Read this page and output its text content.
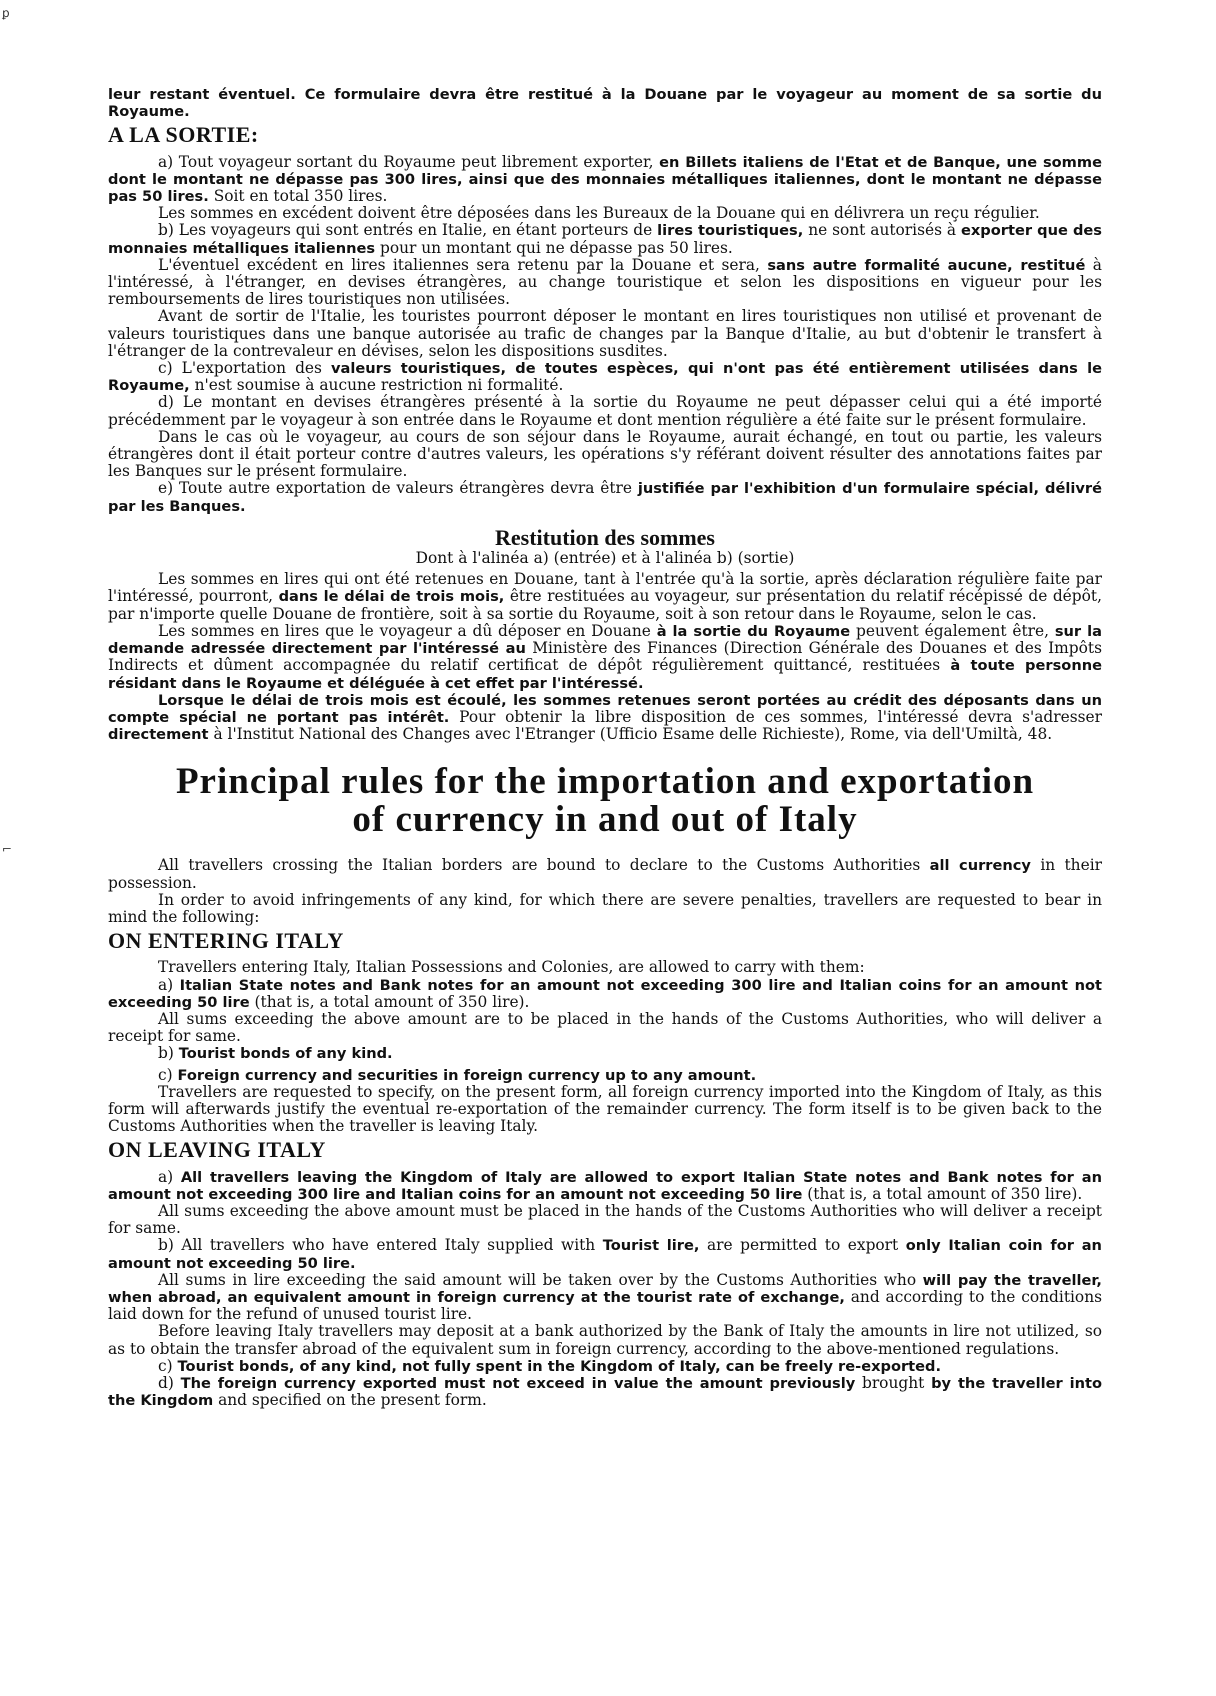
ꝑ
⌐

leur restant éventuel. Ce formulaire devra être restitué à la Douane par le voyageur au moment de sa sortie du Royaume.

A LA SORTIE:

a) Tout voyageur sortant du Royaume peut librement exporter, en Billets italiens de l'Etat et de Banque, une somme dont le montant ne dépasse pas 300 lires, ainsi que des monnaies métalliques italiennes, dont le montant ne dépasse pas 50 lires. Soit en total 350 lires.

Les sommes en excédent doivent être déposées dans les Bureaux de la Douane qui en délivrera un reçu régulier.

b) Les voyageurs qui sont entrés en Italie, en étant porteurs de lires touristiques, ne sont autorisés à exporter que des monnaies métalliques italiennes pour un montant qui ne dépasse pas 50 lires.

L'éventuel excédent en lires italiennes sera retenu par la Douane et sera, sans autre formalité aucune, restitué à l'intéressé, à l'étranger, en devises étrangères, au change touristique et selon les dispositions en vigueur pour les remboursements de lires touristiques non utilisées.

Avant de sortir de l'Italie, les touristes pourront déposer le montant en lires touristiques non utilisé et provenant de valeurs touristiques dans une banque autorisée au trafic de changes par la Banque d'Italie, au but d'obtenir le transfert à l'étranger de la contrevaleur en dévises, selon les dispositions susdites.

c) L'exportation des valeurs touristiques, de toutes espèces, qui n'ont pas été entièrement utilisées dans le Royaume, n'est soumise à aucune restriction ni formalité.

d) Le montant en devises étrangères présenté à la sortie du Royaume ne peut dépasser celui qui a été importé précédemment par le voyageur à son entrée dans le Royaume et dont mention régulière a été faite sur le présent formulaire.

Dans le cas où le voyageur, au cours de son séjour dans le Royaume, aurait échangé, en tout ou partie, les valeurs étrangères dont il était porteur contre d'autres valeurs, les opérations s'y référant doivent résulter des annotations faites par les Banques sur le présent formulaire.

e) Toute autre exportation de valeurs étrangères devra être justifiée par l'exhibition d'un formulaire spécial, délivré par les Banques.

Restitution des sommes

Dont à l'alinéa a) (entrée) et à l'alinéa b) (sortie)

Les sommes en lires qui ont été retenues en Douane, tant à l'entrée qu'à la sortie, après déclaration régulière faite par l'intéressé, pourront, dans le délai de trois mois, être restituées au voyageur, sur présentation du relatif récépissé de dépôt, par n'importe quelle Douane de frontière, soit à sa sortie du Royaume, soit à son retour dans le Royaume, selon le cas.

Les sommes en lires que le voyageur a dû déposer en Douane à la sortie du Royaume peuvent également être, sur la demande adressée directement par l'intéressé au Ministère des Finances (Direction Générale des Douanes et des Impôts Indirects et dûment accompagnée du relatif certificat de dépôt régulièrement quittancé, restituées à toute personne résidant dans le Royaume et déléguée à cet effet par l'intéressé.

Lorsque le délai de trois mois est écoulé, les sommes retenues seront portées au crédit des déposants dans un compte spécial ne portant pas intérêt. Pour obtenir la libre disposition de ces sommes, l'intéressé devra s'adresser directement à l'Institut National des Changes avec l'Etranger (Ufficio Esame delle Richieste), Rome, via dell'Umiltà, 48.

Principal rules for the importation and exportation
of currency in and out of Italy

All travellers crossing the Italian borders are bound to declare to the Customs Authorities all currency in their possession.

In order to avoid infringements of any kind, for which there are severe penalties, travellers are requested to bear in mind the following:

ON ENTERING ITALY

Travellers entering Italy, Italian Possessions and Colonies, are allowed to carry with them:

a) Italian State notes and Bank notes for an amount not exceeding 300 lire and Italian coins for an amount not exceeding 50 lire (that is, a total amount of 350 lire).

All sums exceeding the above amount are to be placed in the hands of the Customs Authorities, who will deliver a receipt for same.

b) Tourist bonds of any kind.

c) Foreign currency and securities in foreign currency up to any amount.

Travellers are requested to specify, on the present form, all foreign currency imported into the Kingdom of Italy, as this form will afterwards justify the eventual re-exportation of the remainder currency. The form itself is to be given back to the Customs Authorities when the traveller is leaving Italy.

ON LEAVING ITALY

a) All travellers leaving the Kingdom of Italy are allowed to export Italian State notes and Bank notes for an amount not exceeding 300 lire and Italian coins for an amount not exceeding 50 lire (that is, a total amount of 350 lire).

All sums exceeding the above amount must be placed in the hands of the Customs Authorities who will deliver a receipt for same.

b) All travellers who have entered Italy supplied with Tourist lire, are permitted to export only Italian coin for an amount not exceeding 50 lire.

All sums in lire exceeding the said amount will be taken over by the Customs Authorities who will pay the traveller, when abroad, an equivalent amount in foreign currency at the tourist rate of exchange, and according to the conditions laid down for the refund of unused tourist lire.

Before leaving Italy travellers may deposit at a bank authorized by the Bank of Italy the amounts in lire not utilized, so as to obtain the transfer abroad of the equivalent sum in foreign currency, according to the above-mentioned regulations.

c) Tourist bonds, of any kind, not fully spent in the Kingdom of Italy, can be freely re-exported.

d) The foreign currency exported must not exceed in value the amount previously brought by the traveller into the Kingdom and specified on the present form.
